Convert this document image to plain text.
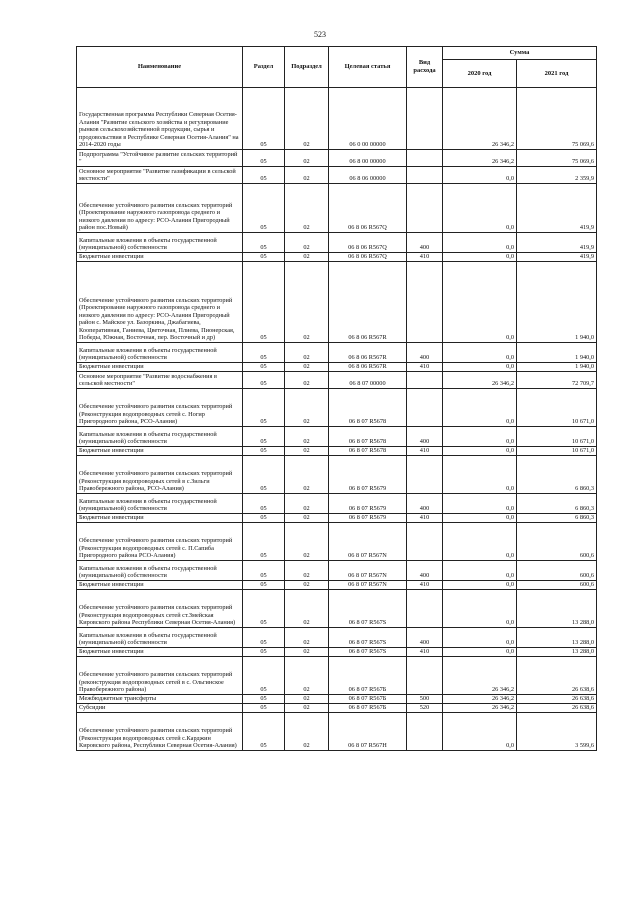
523
Наименование	Раздел	Подраздел	Целевая статья	Вид расхода	Сумма	
					2020 год	2021 год
Государственная программа Республики Северная Осетия-Алания "Развитие сельского хозяйства и регулирование рынков сельскохозяйственной продукции, сырья и продовольствия в Республике Северная Осетия-Алания" на 2014-2020 годы	05	02	06 0 00 00000		26 346,2	75 069,6
Подпрограмма "Устойчивое развитие сельских территорий "	05	02	06 8 00 00000		26 346,2	75 069,6
Основное мероприятие "Развитие газификации в сельской местности"	05	02	06 8 06 00000		0,0	2 359,9
Обеспечение устойчивого развития сельских территорий (Проектирование наружного газопровода среднего и низкого давления по адресу: РСО-Алания Пригородный район пос.Новый)	05	02	06 8 06 R567Q		0,0	419,9
Капитальные вложения в объекты государственной (муниципальной) собственности	05	02	06 8 06 R567Q	400	0,0	419,9
Бюджетные инвестиции	05	02	06 8 06 R567Q	410	0,0	419,9
Обеспечение устойчивого развития сельских территорий (Проектирование наружного газопровода среднего и низкого давления по адресу: РСО-Алания Пригородный район с. Майское ул. Базоркина, Джабагиева, Кооперативная, Ганиева, Цветочная, Плиева, Пионерская, Победы, Южная, Восточная, пер. Восточный и др)	05	02	06 8 06 R567R		0,0	1 940,0
Капитальные вложения в объекты государственной (муниципальной) собственности	05	02	06 8 06 R567R	400	0,0	1 940,0
Бюджетные инвестиции	05	02	06 8 06 R567R	410	0,0	1 940,0
Основное мероприятие "Развитие водоснабжения в сельской местности"	05	02	06 8 07 00000		26 346,2	72 709,7
Обеспечение устойчивого развития сельских территорий (Реконструкция водопроводных сетей с. Ногир Пригородного района, РСО-Алания)	05	02	06 8 07 R5678		0,0	10 671,0
Капитальные вложения в объекты государственной (муниципальной) собственности	05	02	06 8 07 R5678	400	0,0	10 671,0
Бюджетные инвестиции	05	02	06 8 07 R5678	410	0,0	10 671,0
Обеспечение устойчивого развития сельских территорий (Реконструкция водопроводных сетей в с.Зильги Правобережного района, РСО-Алания)	05	02	06 8 07 R5679		0,0	6 860,3
Капитальные вложения в объекты государственной (муниципальной) собственности	05	02	06 8 07 R5679	400	0,0	6 860,3
Бюджетные инвестиции	05	02	06 8 07 R5679	410	0,0	6 860,3
Обеспечение устойчивого развития сельских территорий (Реконструкция водопроводных сетей с. П.Сапиба Пригородного района РСО-Алания)	05	02	06 8 07 R567N		0,0	600,6
Капитальные вложения в объекты государственной (муниципальной) собственности	05	02	06 8 07 R567N	400	0,0	600,6
Бюджетные инвестиции	05	02	06 8 07 R567N	410	0,0	600,6
Обеспечение устойчивого развития сельских территорий (Реконструкция водопроводных сетей ст.Змейская Кировского района Республики Северная Осетия-Алания)	05	02	06 8 07 R567S		0,0	13 288,0
Капитальные вложения в объекты государственной (муниципальной) собственности	05	02	06 8 07 R567S	400	0,0	13 288,0
Бюджетные инвестиции	05	02	06 8 07 R567S	410	0,0	13 288,0
Обеспечение устойчивого развития сельских территорий (реконструкция водопроводных сетей в с. Ольгинское Правобережного района)	05	02	06 8 07 R567Б		26 346,2	26 638,6
Межбюджетные трансферты	05	02	06 8 07 R567Б	500	26 346,2	26 638,6
Субсидии	05	02	06 8 07 R567Б	520	26 346,2	26 638,6
Обеспечение устойчивого развития сельских территорий (Реконструкция водопроводных сетей с.Карджин Кировского района, Республики Северная Осетия-Алания)	05	02	06 8 07 R567H		0,0	3 599,6
